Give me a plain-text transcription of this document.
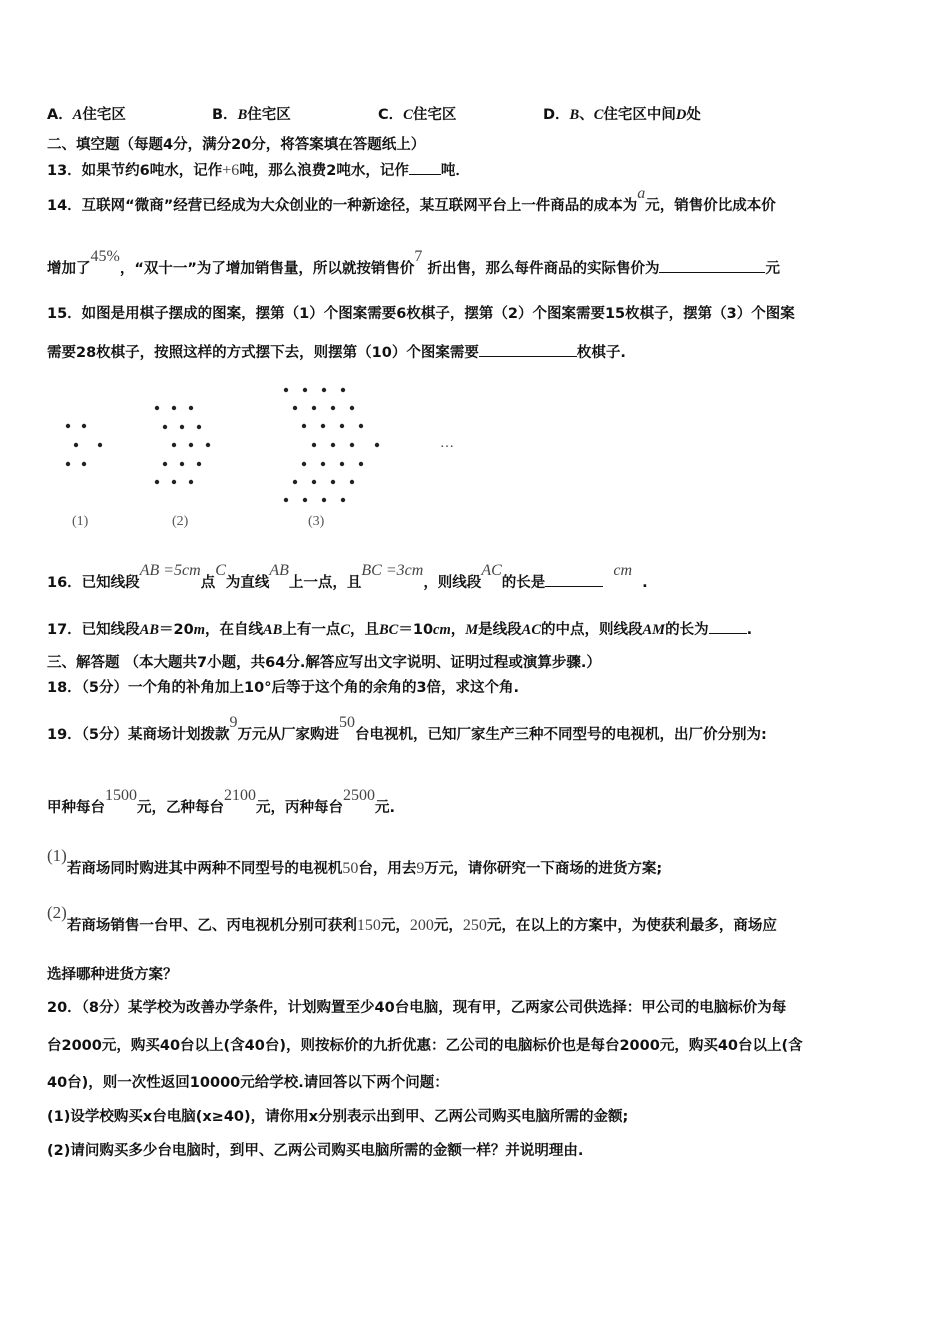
A．A住宅区	B．B住宅区	C．C住宅区	D．B、C住宅区中间D处
二、填空题（每题4分，满分20分，将答案填在答题纸上）
13．如果节约6吨水，记作+6吨，那么浪费2吨水，记作 吨．
14．互联网“微商”经营已经成为大众创业的一种新途径，某互联网平台上一件商品的成本为a元，销售价比成本价
增加了45%，“双十一”为了增加销售量，所以就按销售价7 折出售，那么每件商品的实际售价为	元
15．如图是用棋子摆成的图案，摆第（1）个图案需要6枚棋子，摆第（2）个图案需要15枚棋子，摆第（3）个图案
需要28枚棋子，按照这样的方式摆下去，则摆第（10）个图案需要	枚棋子.
…
(1)	(2)	(3)
16．已知线段AB =5cm点C为直线AB上一点，且BC =3cm，则线段AC的长是  cm  .
17．已知线段AB＝20m，在自线AB上有一点C，且BC＝10cm，M是线段AC的中点，则线段AM的长为	.
三、解答题 （本大题共7小题，共64分.解答应写出文字说明、证明过程或演算步骤.）
18．（5分）一个角的补角加上10°后等于这个角的余角的3倍，求这个角.
19．（5分）某商场计划拨款9万元从厂家购进50台电视机，已知厂家生产三种不同型号的电视机，出厂价分别为:
甲种每台1500元，乙种每台2100元，丙种每台2500元.
(1)若商场同时购进其中两种不同型号的电视机50台，用去9万元，请你研究一下商场的进货方案;
(2)若商场销售一台甲、乙、丙电视机分别可获利150元，200元，250元，在以上的方案中，为使获利最多，商场应
选择哪种进货方案？
20．（8分）某学校为改善办学条件，计划购置至少40台电脑，现有甲，乙两家公司供选择：甲公司的电脑标价为每
台2000元，购买40台以上(含40台)，则按标价的九折优惠：乙公司的电脑标价也是每台2000元，购买40台以上(含
40台)，则一次性返回10000元给学校.请回答以下两个问题：
(1)设学校购买x台电脑(x≥40)，请你用x分别表示出到甲、乙两公司购买电脑所需的金额;
(2)请问购买多少台电脑时，到甲、乙两公司购买电脑所需的金额一样？并说明理由.
